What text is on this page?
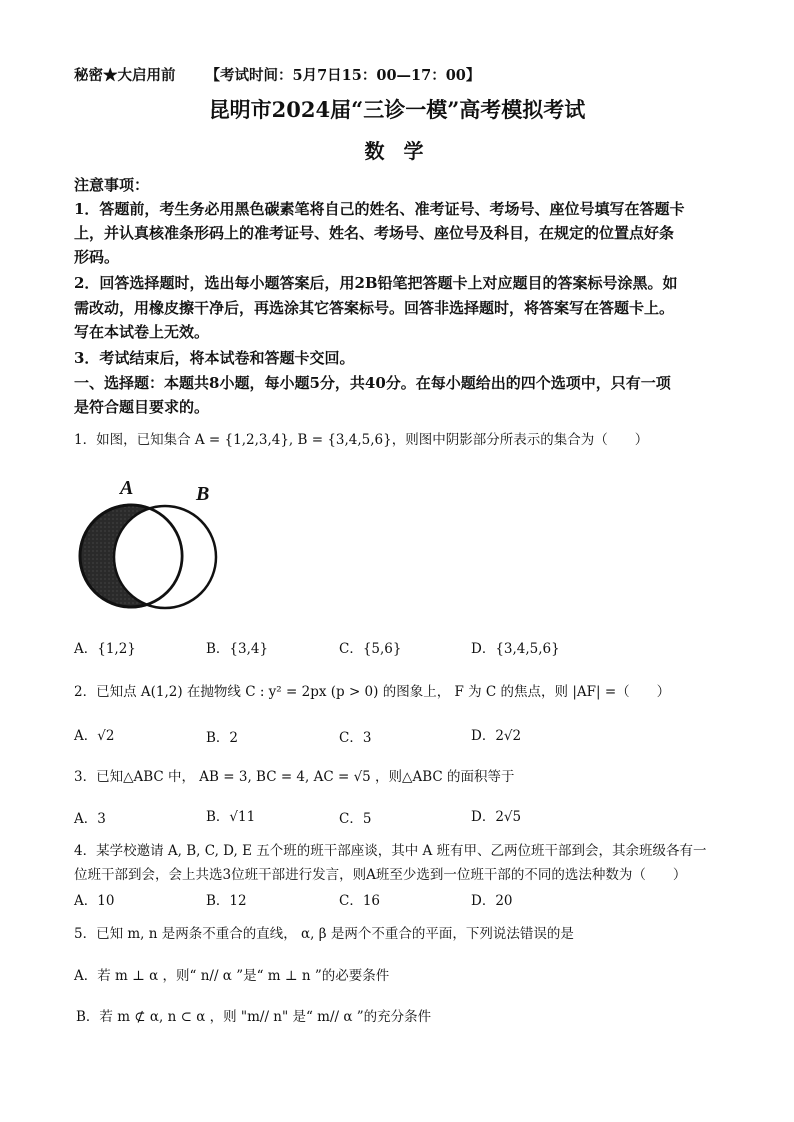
秘密★大启用前 【考试时间：5月7日15：00—17：00】
昆明市2024届“三诊一模”高考模拟考试
数 学
注意事项：
1．答题前，考生务必用黑色碳素笔将自己的姓名、准考证号、考场号、座位号填写在答题卡
上，并认真核准条形码上的准考证号、姓名、考场号、座位号及科目，在规定的位置点好条
形码。
2．回答选择题时，选出每小题答案后，用2B铅笔把答题卡上对应题目的答案标号涂黑。如
需改动，用橡皮擦干净后，再选涂其它答案标号。回答非选择题时，将答案写在答题卡上。
写在本试卷上无效。
3．考试结束后，将本试卷和答题卡交回。
一、选择题：本题共8小题，每小题5分，共40分。在每小题给出的四个选项中，只有一项
是符合题目要求的。
1．如图，已知集合 A = {1,2,3,4}, B = {3,4,5,6}，则图中阴影部分所表示的集合为（　　）
A	B
A．{1,2}	B．{3,4}	C．{5,6}	D．{3,4,5,6}
2．已知点 A(1,2) 在抛物线 C : y² = 2px (p > 0) 的图象上， F 为 C 的焦点，则 |AF| =（　　）
A．√2	B．2	C．3	D．2√2
3．已知△ABC 中， AB = 3, BC = 4, AC = √5 ，则△ABC 的面积等于
A．3	B．√11	C．5	D．2√5
4．某学校邀请 A, B, C, D, E 五个班的班干部座谈，其中 A 班有甲、乙两位班干部到会，其余班级各有一
位班干部到会，会上共选3位班干部进行发言，则A班至少选到一位班干部的不同的选法种数为（　　）
A．10	B．12	C．16	D．20
5．已知 m, n 是两条不重合的直线， α, β 是两个不重合的平面，下列说法错误的是
A．若 m ⊥ α ，则“ n// α ”是“ m ⊥ n ”的必要条件
B．若 m ⊄ α, n ⊂ α ，则 "m// n" 是“ m// α ”的充分条件
